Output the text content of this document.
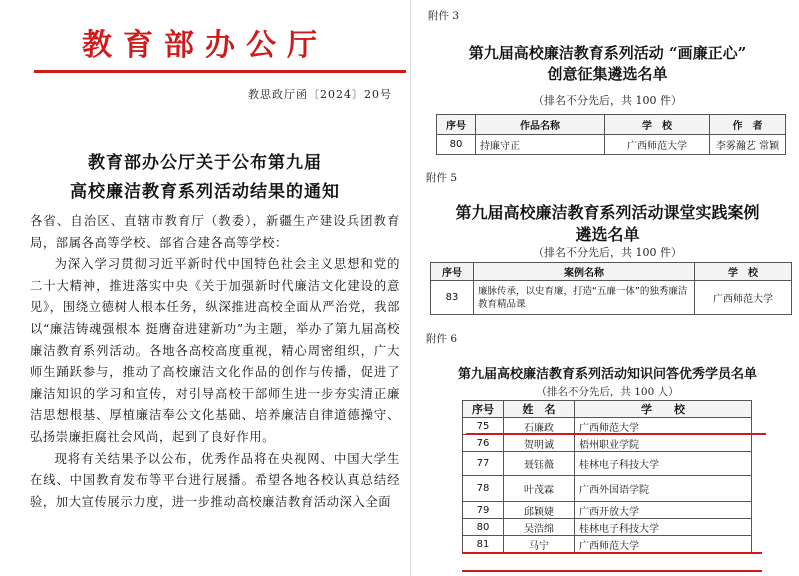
教育部办公厅
教思政厅函〔2024〕20号
教育部办公厅关于公布第九届
高校廉洁教育系列活动结果的通知

各省、自治区、直辖市教育厅（教委），新疆生产建设兵团教育局，部属各高等学校、部省合建各高等学校：

为深入学习贯彻习近平新时代中国特色社会主义思想和党的二十大精神，推进落实中央《关于加强新时代廉洁文化建设的意见》，围绕立德树人根本任务，纵深推进高校全面从严治党，我部以“廉洁铸魂强根本 挺膺奋进建新功”为主题，举办了第九届高校廉洁教育系列活动。各地各高校高度重视，精心周密组织，广大师生踊跃参与，推动了高校廉洁文化作品的创作与传播，促进了廉洁知识的学习和宣传，对引导高校干部师生进一步夯实清正廉洁思想根基、厚植廉洁奉公文化基础、培养廉洁自律道德操守、弘扬崇廉拒腐社会风尚，起到了良好作用。

现将有关结果予以公布，优秀作品将在央视网、中国大学生在线、中国教育发布等平台进行展播。希望各地各校认真总结经验，加大宣传展示力度，进一步推动高校廉洁教育活动深入全面

附件 3
第九届高校廉洁教育系列活动 “画廉正心”
创意征集遴选名单
（排名不分先后，共 100 件）
序号	作品名称	学　校	作　者
80	持廉守正	广西师范大学	李雾瀚艺 常颖
附件 5
第九届高校廉洁教育系列活动课堂实践案例
遴选名单
（排名不分先后，共 100 件）
序号	案例名称	学　校
83	廉脉传承，以史育廉，打造“五廉一体”的独秀廉洁教育精品课	广西师范大学
附件 6
第九届高校廉洁教育系列活动知识问答优秀学员名单
（排名不分先后，共 100 人）
序号	姓　名	学　　校
75	石廉政	广西师范大学
76	贺明诚	梧州职业学院
77	聂钰薇	桂林电子科技大学
78	叶茂霖	广西外国语学院
79	邱颖婕	广西开放大学
80	吴浩绵	桂林电子科技大学
81	马宁	广西师范大学
